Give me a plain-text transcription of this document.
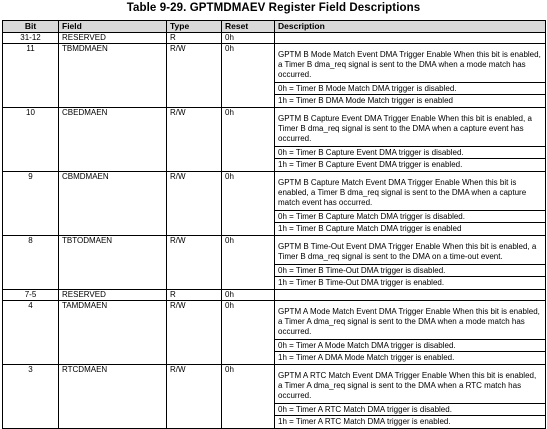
Table 9-29. GPTMDMAEV Register Field Descriptions
Bit	Field	Type	Reset	Description
31-12	RESERVED	R	0h	
11	TBMDMAEN	R/W	0h	GPTM B Mode Match Event DMA Trigger Enable When this bit is enabled, a Timer B dma_req signal is sent to the DMA when a mode match has occurred.
0h = Timer B Mode Match DMA trigger is disabled.
1h = Timer B DMA Mode Match trigger is enabled

10	CBEDMAEN	R/W	0h	GPTM B Capture Event DMA Trigger Enable When this bit is enabled, a Timer B dma_req signal is sent to the DMA when a capture event has occurred.
0h = Timer B Capture Event DMA trigger is disabled.
1h = Timer B Capture Event DMA trigger is enabled.

9	CBMDMAEN	R/W	0h	GPTM B Capture Match Event DMA Trigger Enable When this bit is enabled, a Timer B dma_req signal is sent to the DMA when a capture match event has occurred.
0h = Timer B Capture Match DMA trigger is disabled.
1h = Timer B Capture Match DMA trigger is enabled

8	TBTODMAEN	R/W	0h	GPTM B Time-Out Event DMA Trigger Enable When this bit is enabled, a Timer B dma_req signal is sent to the DMA on a time-out event.
0h = Timer B Time-Out DMA trigger is disabled.
1h = Timer B Time-Out DMA trigger is enabled.

7-5	RESERVED	R	0h	
4	TAMDMAEN	R/W	0h	GPTM A Mode Match Event DMA Trigger Enable When this bit is enabled, a Timer A dma_req signal is sent to the DMA when a mode match has occurred.
0h = Timer A Mode Match DMA trigger is disabled.
1h = Timer A DMA Mode Match trigger is enabled.

3	RTCDMAEN	R/W	0h	GPTM A RTC Match Event DMA Trigger Enable When this bit is enabled, a Timer A dma_req signal is sent to the DMA when a RTC match has occurred.
0h = Timer A RTC Match DMA trigger is disabled.
1h = Timer A RTC Match DMA trigger is enabled.
